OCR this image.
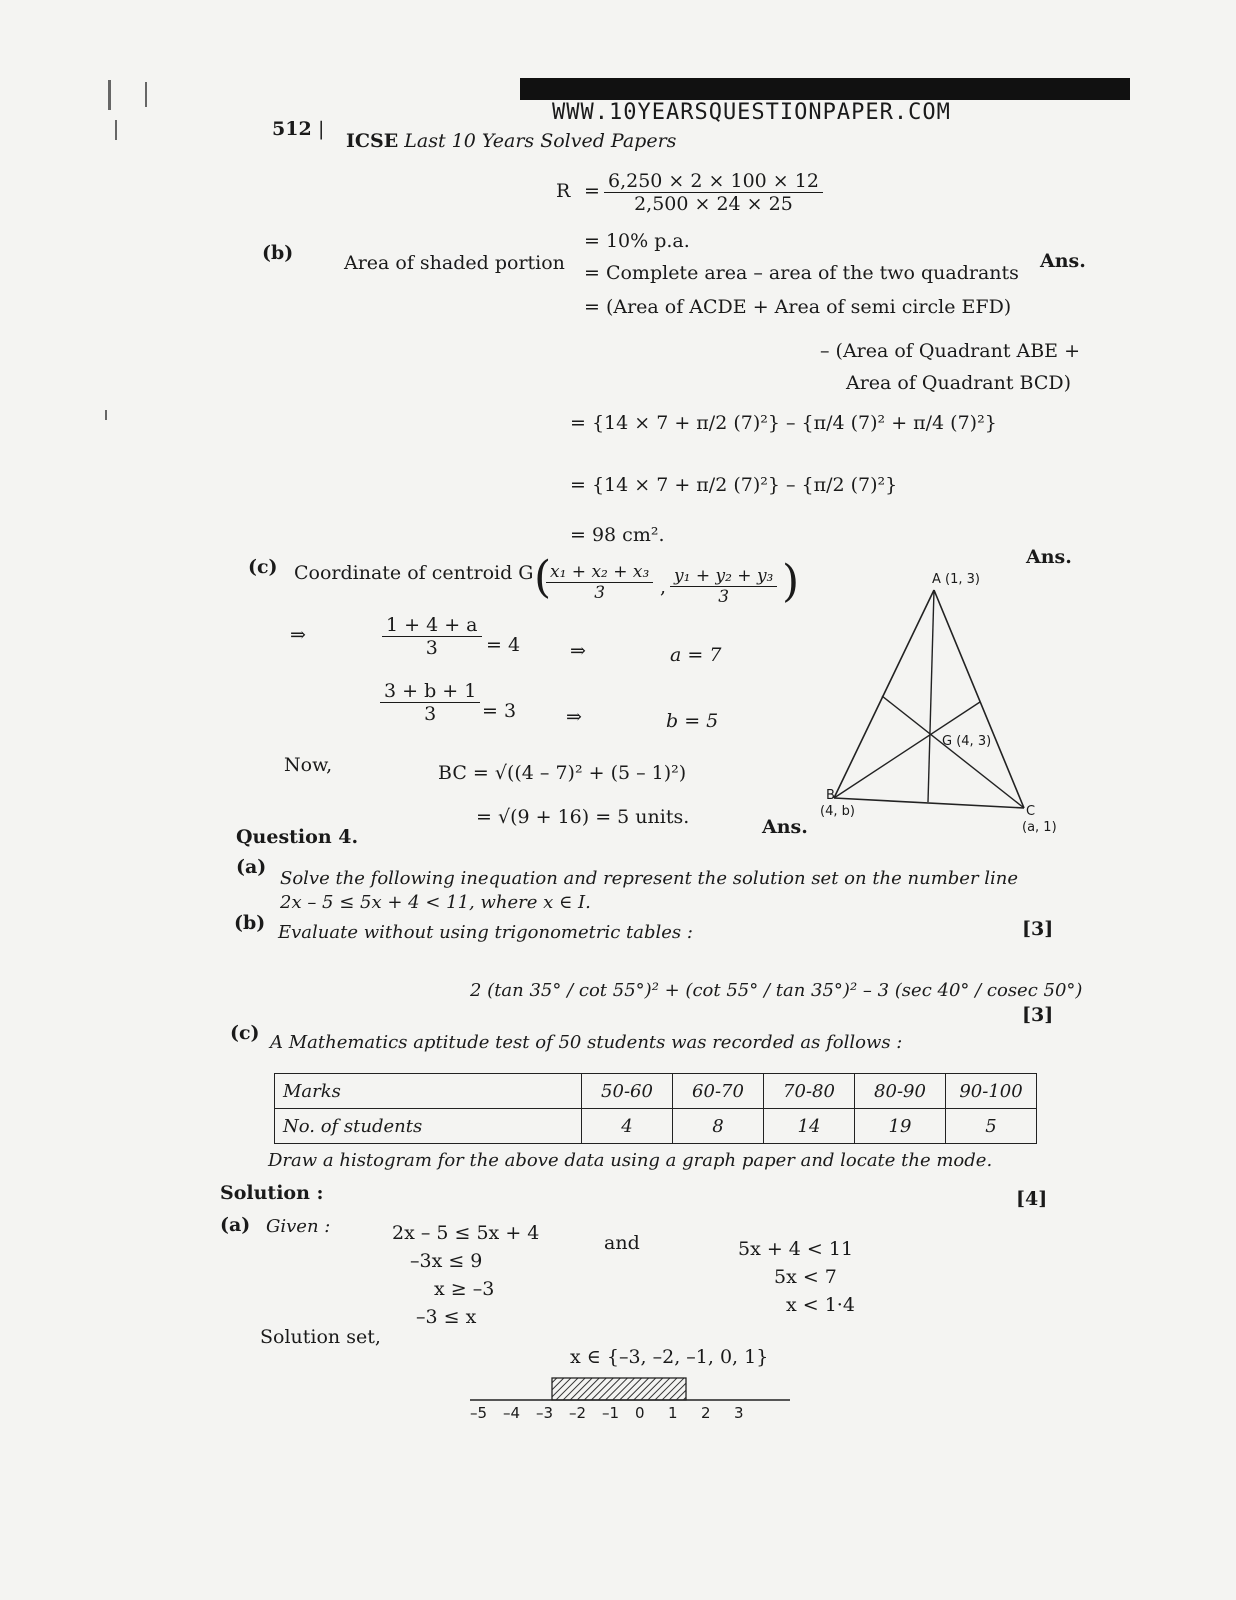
WWW.10YEARSQUESTIONPAPER.COM
512 |
ICSE Last 10 Years Solved Papers
$R = \frac{6,250 \times 2 \times 100 \times 12}{2,500 \times 24 \times 25}$
= 10% p.a.
Ans.
(b)	Area of shaded portion = Complete area – area of the two quadrants
= (Area of ACDE + Area of semi circle EFD)
– (Area of Quadrant ABE +
Area of Quadrant BCD)
= {14 × 7 + π/2 (7)²} – {π/4 (7)² + π/4 (7)²}
= {14 × 7 + π/2 (7)²} – {π/2 (7)²}
= 98 cm².
Ans.
(c) Coordinate of centroid G (
$\frac{\text{x₁ + x₂ + x₃}}{3}$ , $\frac{\text{y₁ + y₂ + y₃}}{3}$ )
⇒	$\frac{1 + 4 + a}{3} = 4$	⇒	a = 7
$\frac{3 + b + 1}{3} = 3$	⇒	b = 5
Now,	BC = √((4 – 7)² + (5 – 1)²)
= √(9 + 16) = 5 units.	Ans.
A (1, 3)
G (4, 3)
B
(4, b)	C
(a, 1)
Question 4.
(a)
Solve the following inequation and represent the solution set on the number line
2x – 5 ≤ 5x + 4 < 11, where x ∈ I.
[3]
(b) Evaluate without using trigonometric tables :
2 (tan 35° / cot 55°)² + (cot 55° / tan 35°)² – 3 (sec 40° / cosec 50°)
[3]
(c) A Mathematics aptitude test of 50 students was recorded as follows :
Marks	50-60	60-70	70-80	80-90	90-100
No. of students	4	8	14	19	5
Draw a histogram for the above data using a graph paper and locate the mode.
[4]
Solution :
(a) Given :	2x – 5 ≤ 5x + 4
–3x ≤ 9
x ≥ –3
–3 ≤ x
and	5x + 4 < 11
5x < 7
x < 1·4
Solution set,
x ∈ {–3, –2, –1, 0, 1}
–5 –4 –3 –2 –1 0 1 2 3
